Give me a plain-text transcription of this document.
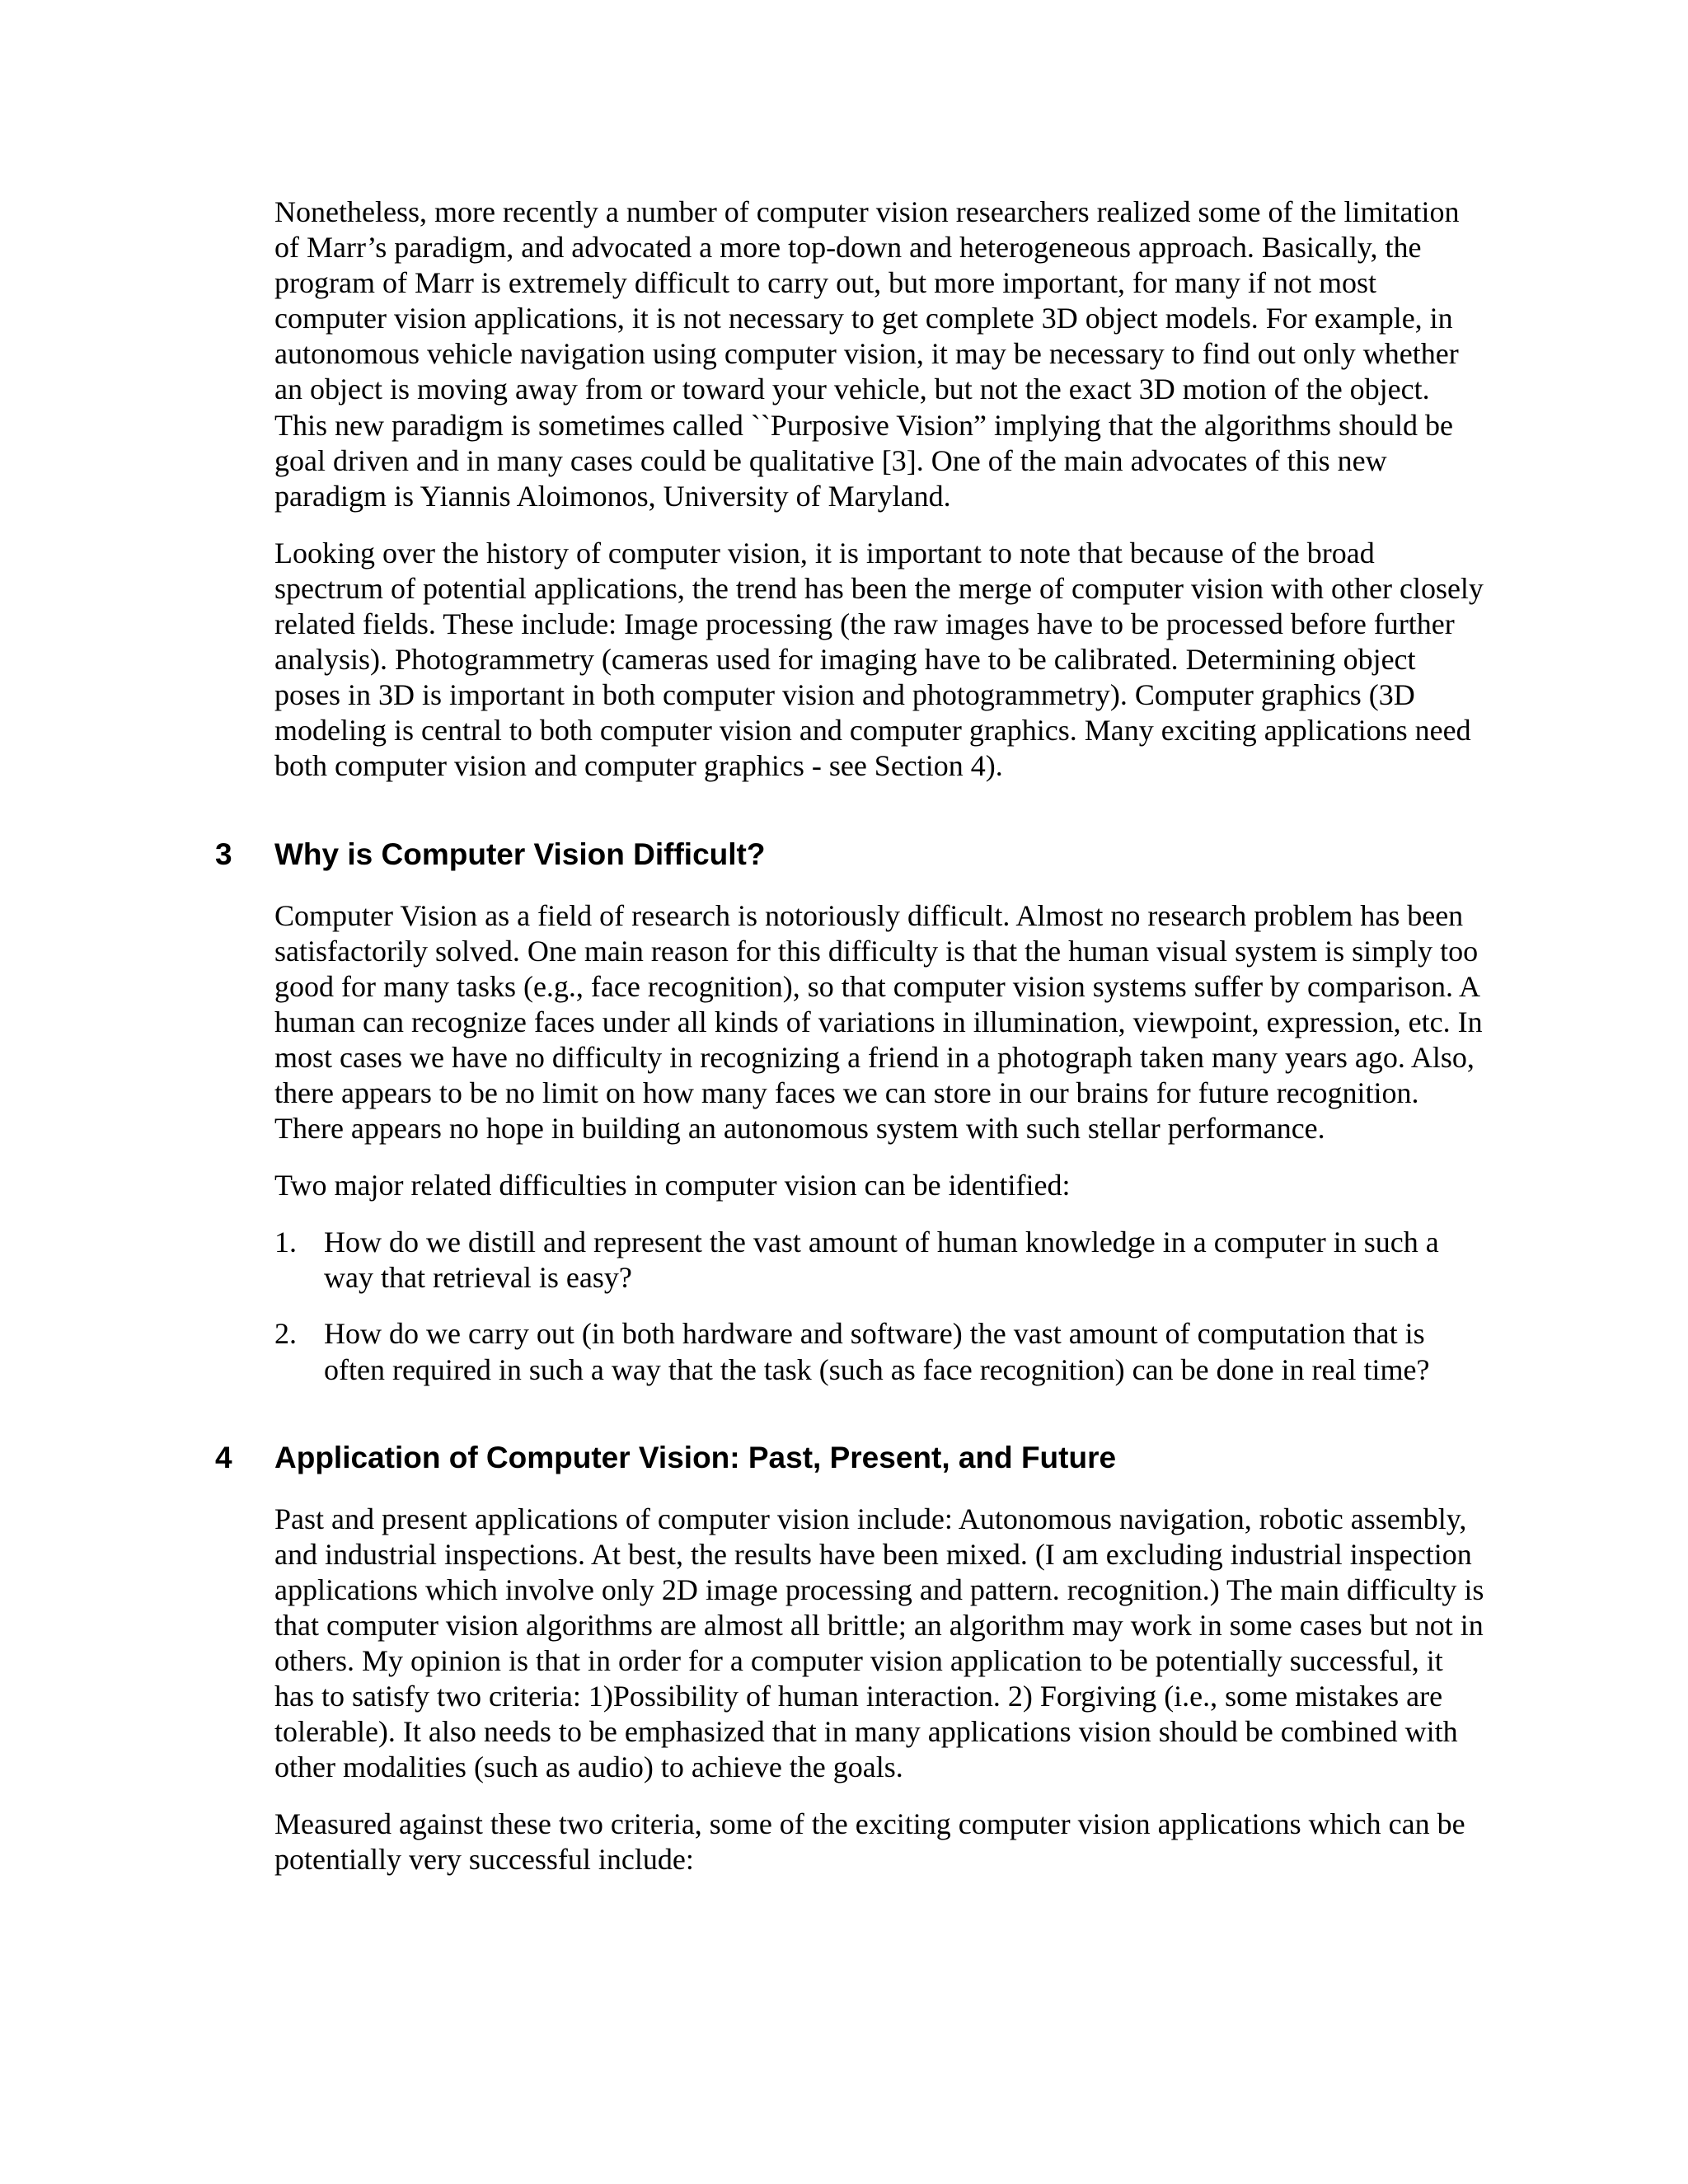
Nonetheless, more recently a number of computer vision researchers realized some of the limitation of Marr’s paradigm, and advocated a more top-down and heterogeneous approach. Basically, the program of Marr is extremely difficult to carry out, but more important, for many if not most computer vision applications, it is not necessary to get complete 3D object models. For example, in autonomous vehicle navigation using computer vision, it may be necessary to find out only whether an object is moving away from or toward your vehicle, but not the exact 3D motion of the object. This new paradigm is sometimes called ``Purposive Vision” implying that the algorithms should be goal driven and in many cases could be qualitative [3]. One of the main advocates of this new paradigm is Yiannis Aloimonos, University of Maryland.

Looking over the history of computer vision, it is important to note that because of the broad spectrum of potential applications, the trend has been the merge of computer vision with other closely related fields. These include: Image processing (the raw images have to be processed before further analysis). Photogrammetry (cameras used for imaging have to be calibrated. Determining object poses in 3D is important in both computer vision and photogrammetry). Computer graphics (3D modeling is central to both computer vision and computer graphics. Many exciting applications need both computer vision and computer graphics - see Section 4).

3 Why is Computer Vision Difficult?

Computer Vision as a field of research is notoriously difficult. Almost no research problem has been satisfactorily solved. One main reason for this difficulty is that the human visual system is simply too good for many tasks (e.g., face recognition), so that computer vision systems suffer by comparison. A human can recognize faces under all kinds of variations in illumination, viewpoint, expression, etc. In most cases we have no difficulty in recognizing a friend in a photograph taken many years ago. Also, there appears to be no limit on how many faces we can store in our brains for future recognition. There appears no hope in building an autonomous system with such stellar performance.

Two major related difficulties in computer vision can be identified:

1. How do we distill and represent the vast amount of human knowledge in a computer in such a way that retrieval is easy?
2. How do we carry out (in both hardware and software) the vast amount of computation that is often required in such a way that the task (such as face recognition) can be done in real time?
4 Application of Computer Vision: Past, Present, and Future

Past and present applications of computer vision include: Autonomous navigation, robotic assembly, and industrial inspections. At best, the results have been mixed. (I am excluding industrial inspection applications which involve only 2D image processing and pattern. recognition.) The main difficulty is that computer vision algorithms are almost all brittle; an algorithm may work in some cases but not in others. My opinion is that in order for a computer vision application to be potentially successful, it has to satisfy two criteria: 1)Possibility of human interaction. 2) Forgiving (i.e., some mistakes are tolerable). It also needs to be emphasized that in many applications vision should be combined with other modalities (such as audio) to achieve the goals.

Measured against these two criteria, some of the exciting computer vision applications which can be potentially very successful include:
